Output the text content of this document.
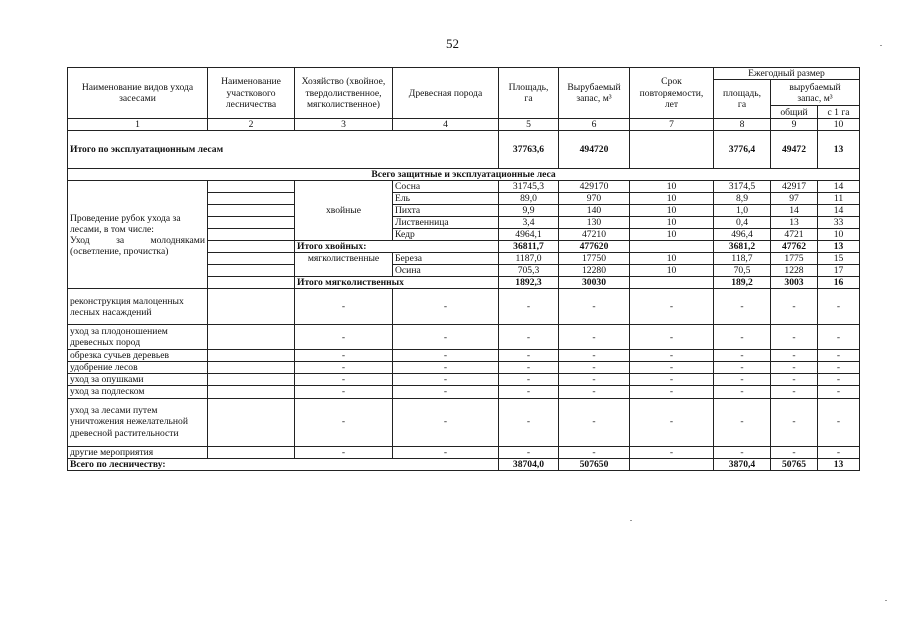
52
Наименование видов ухода засесами	Наименование участкового лесничества	Хозяйство (хвойное, твердолиственное, мягколиственное)	Древесная порода	Площадь,
га	Вырубаемый
запас, м³	Срок
повторяемости,
лет	Ежегодный размер		
							площадь,
га	вырубаемый
запас, м³	
								общий	с 1 га
1	2	3	4	5	6	7	8	9	10
Итого по эксплуатационным лесам				37763,6	494720		3776,4	49472	13
Всего защитные и эксплуатационные леса									

Проведение рубок ухода за лесами, в том числе:
Уход за молодняками (осветление, прочистка)		хвойные	Сосна	31745,3	429170	10	3174,5	42917	14
			Ель	89,0	970	10	8,9	97	11
			Пихта	9,9	140	10	1,0	14	14
			Лиственница	3,4	130	10	0,4	13	33
			Кедр	4964,1	47210	10	496,4	4721	10
		Итого хвойных:		36811,7	477620		3681,2	47762	13
		мягколиственные	Береза	1187,0	17750	10	118,7	1775	15
			Осина	705,3	12280	10	70,5	1228	17
		Итого мягколиственных		1892,3	30030		189,2	3003	16
реконструкция малоценных лесных насаждений		-	-	-	-	-	-	-	-
уход за плодоношением древесных пород		-	-	-	-	-	-	-	-
обрезка сучьев деревьев		-	-	-	-	-	-	-	-
удобрение лесов		-	-	-	-	-	-	-	-
уход за опушками		-	-	-	-	-	-	-	-
уход за подлеском		-	-	-	-	-	-	-	-
уход за лесами путем уничтожения нежелательной древесной растительности		-	-	-	-	-	-	-	-
другие мероприятия		-	-	-	-	-	-	-	-
Всего по лесничеству:				38704,0	507650		3870,4	50765	13
